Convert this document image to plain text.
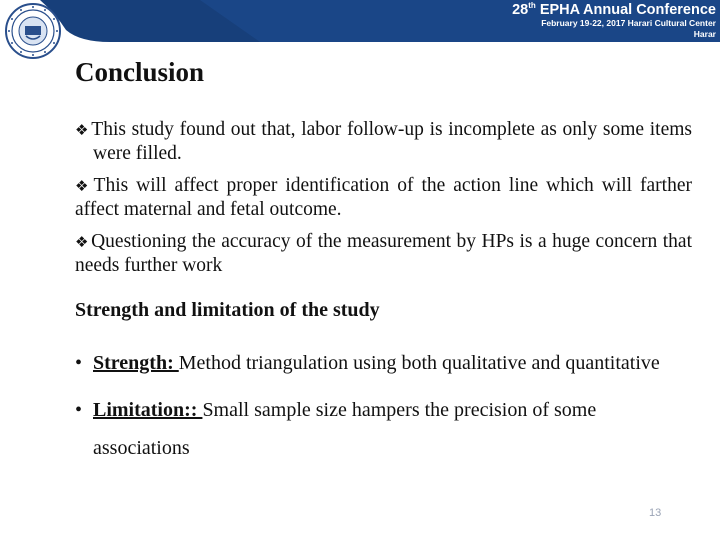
28th EPHA Annual Conference
February 19-22, 2017 Harari Cultural Center
Harar
Conclusion
❖ This study found out that, labor follow-up is incomplete as only some items were filled.
❖ This will affect proper identification of the action line which will farther affect maternal and fetal outcome.
❖ Questioning the accuracy of the measurement by HPs is a huge concern that needs further work
Strength and limitation of the study
• Strength: Method triangulation using both qualitative and quantitative
• Limitation:: Small sample size hampers the precision of some associations
13
